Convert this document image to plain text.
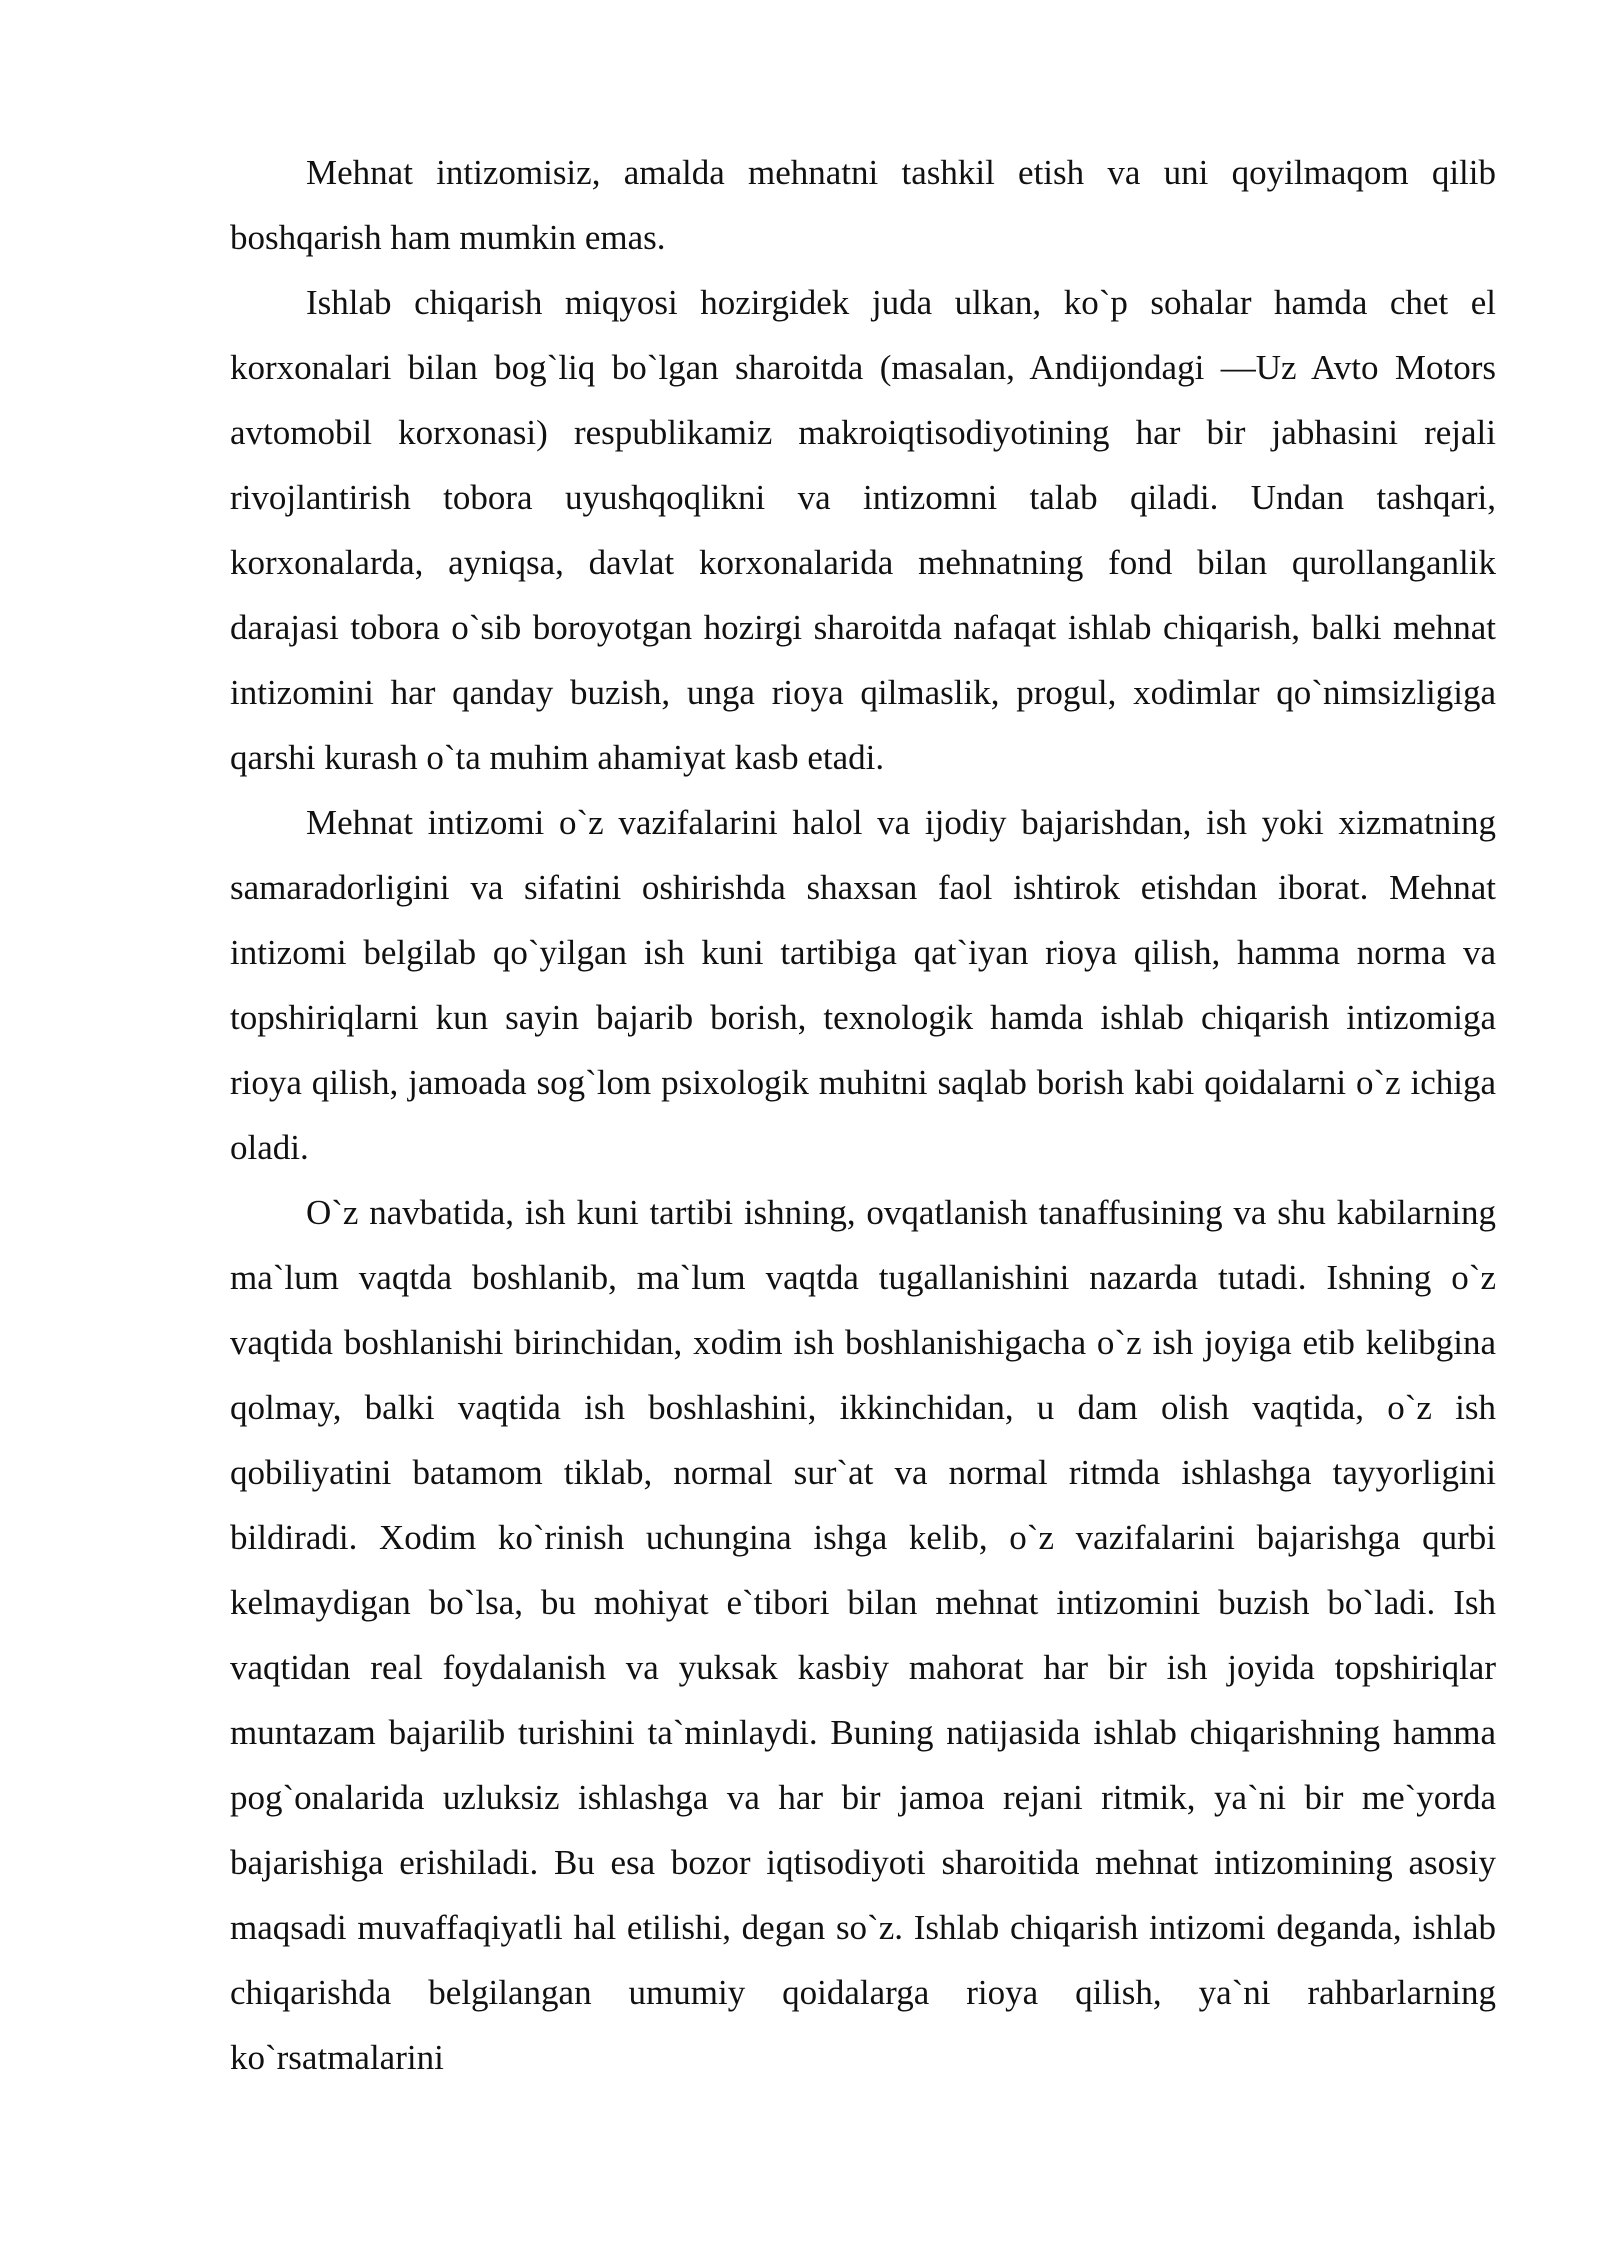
Mehnat intizomisiz, amalda mehnatni tashkil etish va uni qoyilmaqom qilib boshqarish ham mumkin emas.

Ishlab chiqarish miqyosi hozirgidek juda ulkan, ko`p sohalar hamda chet el korxonalari bilan bog`liq bo`lgan sharoitda (masalan, Andijondagi ―Uz Avto Motors avtomobil korxonasi) respublikamiz makroiqtisodiyotining har bir jabhasini rejali rivojlantirish tobora uyushqoqlikni va intizomni talab qiladi. Undan tashqari, korxonalarda, ayniqsa, davlat korxonalarida mehnatning fond bilan qurollanganlik darajasi tobora o`sib boroyotgan hozirgi sharoitda nafaqat ishlab chiqarish, balki mehnat intizomini har qanday buzish, unga rioya qilmaslik, progul, xodimlar qo`nimsizligiga qarshi kurash o`ta muhim ahamiyat kasb etadi.

Mehnat intizomi o`z vazifalarini halol va ijodiy bajarishdan, ish yoki xizmatning samaradorligini va sifatini oshirishda shaxsan faol ishtirok etishdan iborat. Mehnat intizomi belgilab qo`yilgan ish kuni tartibiga qat`iyan rioya qilish, hamma norma va topshiriqlarni kun sayin bajarib borish, texnologik hamda ishlab chiqarish intizomiga rioya qilish, jamoada sog`lom psixologik muhitni saqlab borish kabi qoidalarni o`z ichiga oladi.

O`z navbatida, ish kuni tartibi ishning, ovqatlanish tanaffusining va shu kabilarning ma`lum vaqtda boshlanib, ma`lum vaqtda tugallanishini nazarda tutadi. Ishning o`z vaqtida boshlanishi birinchidan, xodim ish boshlanishigacha o`z ish joyiga etib kelibgina qolmay, balki vaqtida ish boshlashini, ikkinchidan, u dam olish vaqtida, o`z ish qobiliyatini batamom tiklab, normal sur`at va normal ritmda ishlashga tayyorligini bildiradi. Xodim ko`rinish uchungina ishga kelib, o`z vazifalarini bajarishga qurbi kelmaydigan bo`lsa, bu mohiyat e`tibori bilan mehnat intizomini buzish bo`ladi. Ish vaqtidan real foydalanish va yuksak kasbiy mahorat har bir ish joyida topshiriqlar muntazam bajarilib turishini ta`minlaydi. Buning natijasida ishlab chiqarishning hamma pog`onalarida uzluksiz ishlashga va har bir jamoa rejani ritmik, ya`ni bir me`yorda bajarishiga erishiladi. Bu esa bozor iqtisodiyoti sharoitida mehnat intizomining asosiy maqsadi muvaffaqiyatli hal etilishi, degan so`z. Ishlab chiqarish intizomi deganda, ishlab chiqarishda belgilangan umumiy qoidalarga rioya qilish, ya`ni rahbarlarning ko`rsatmalarini
